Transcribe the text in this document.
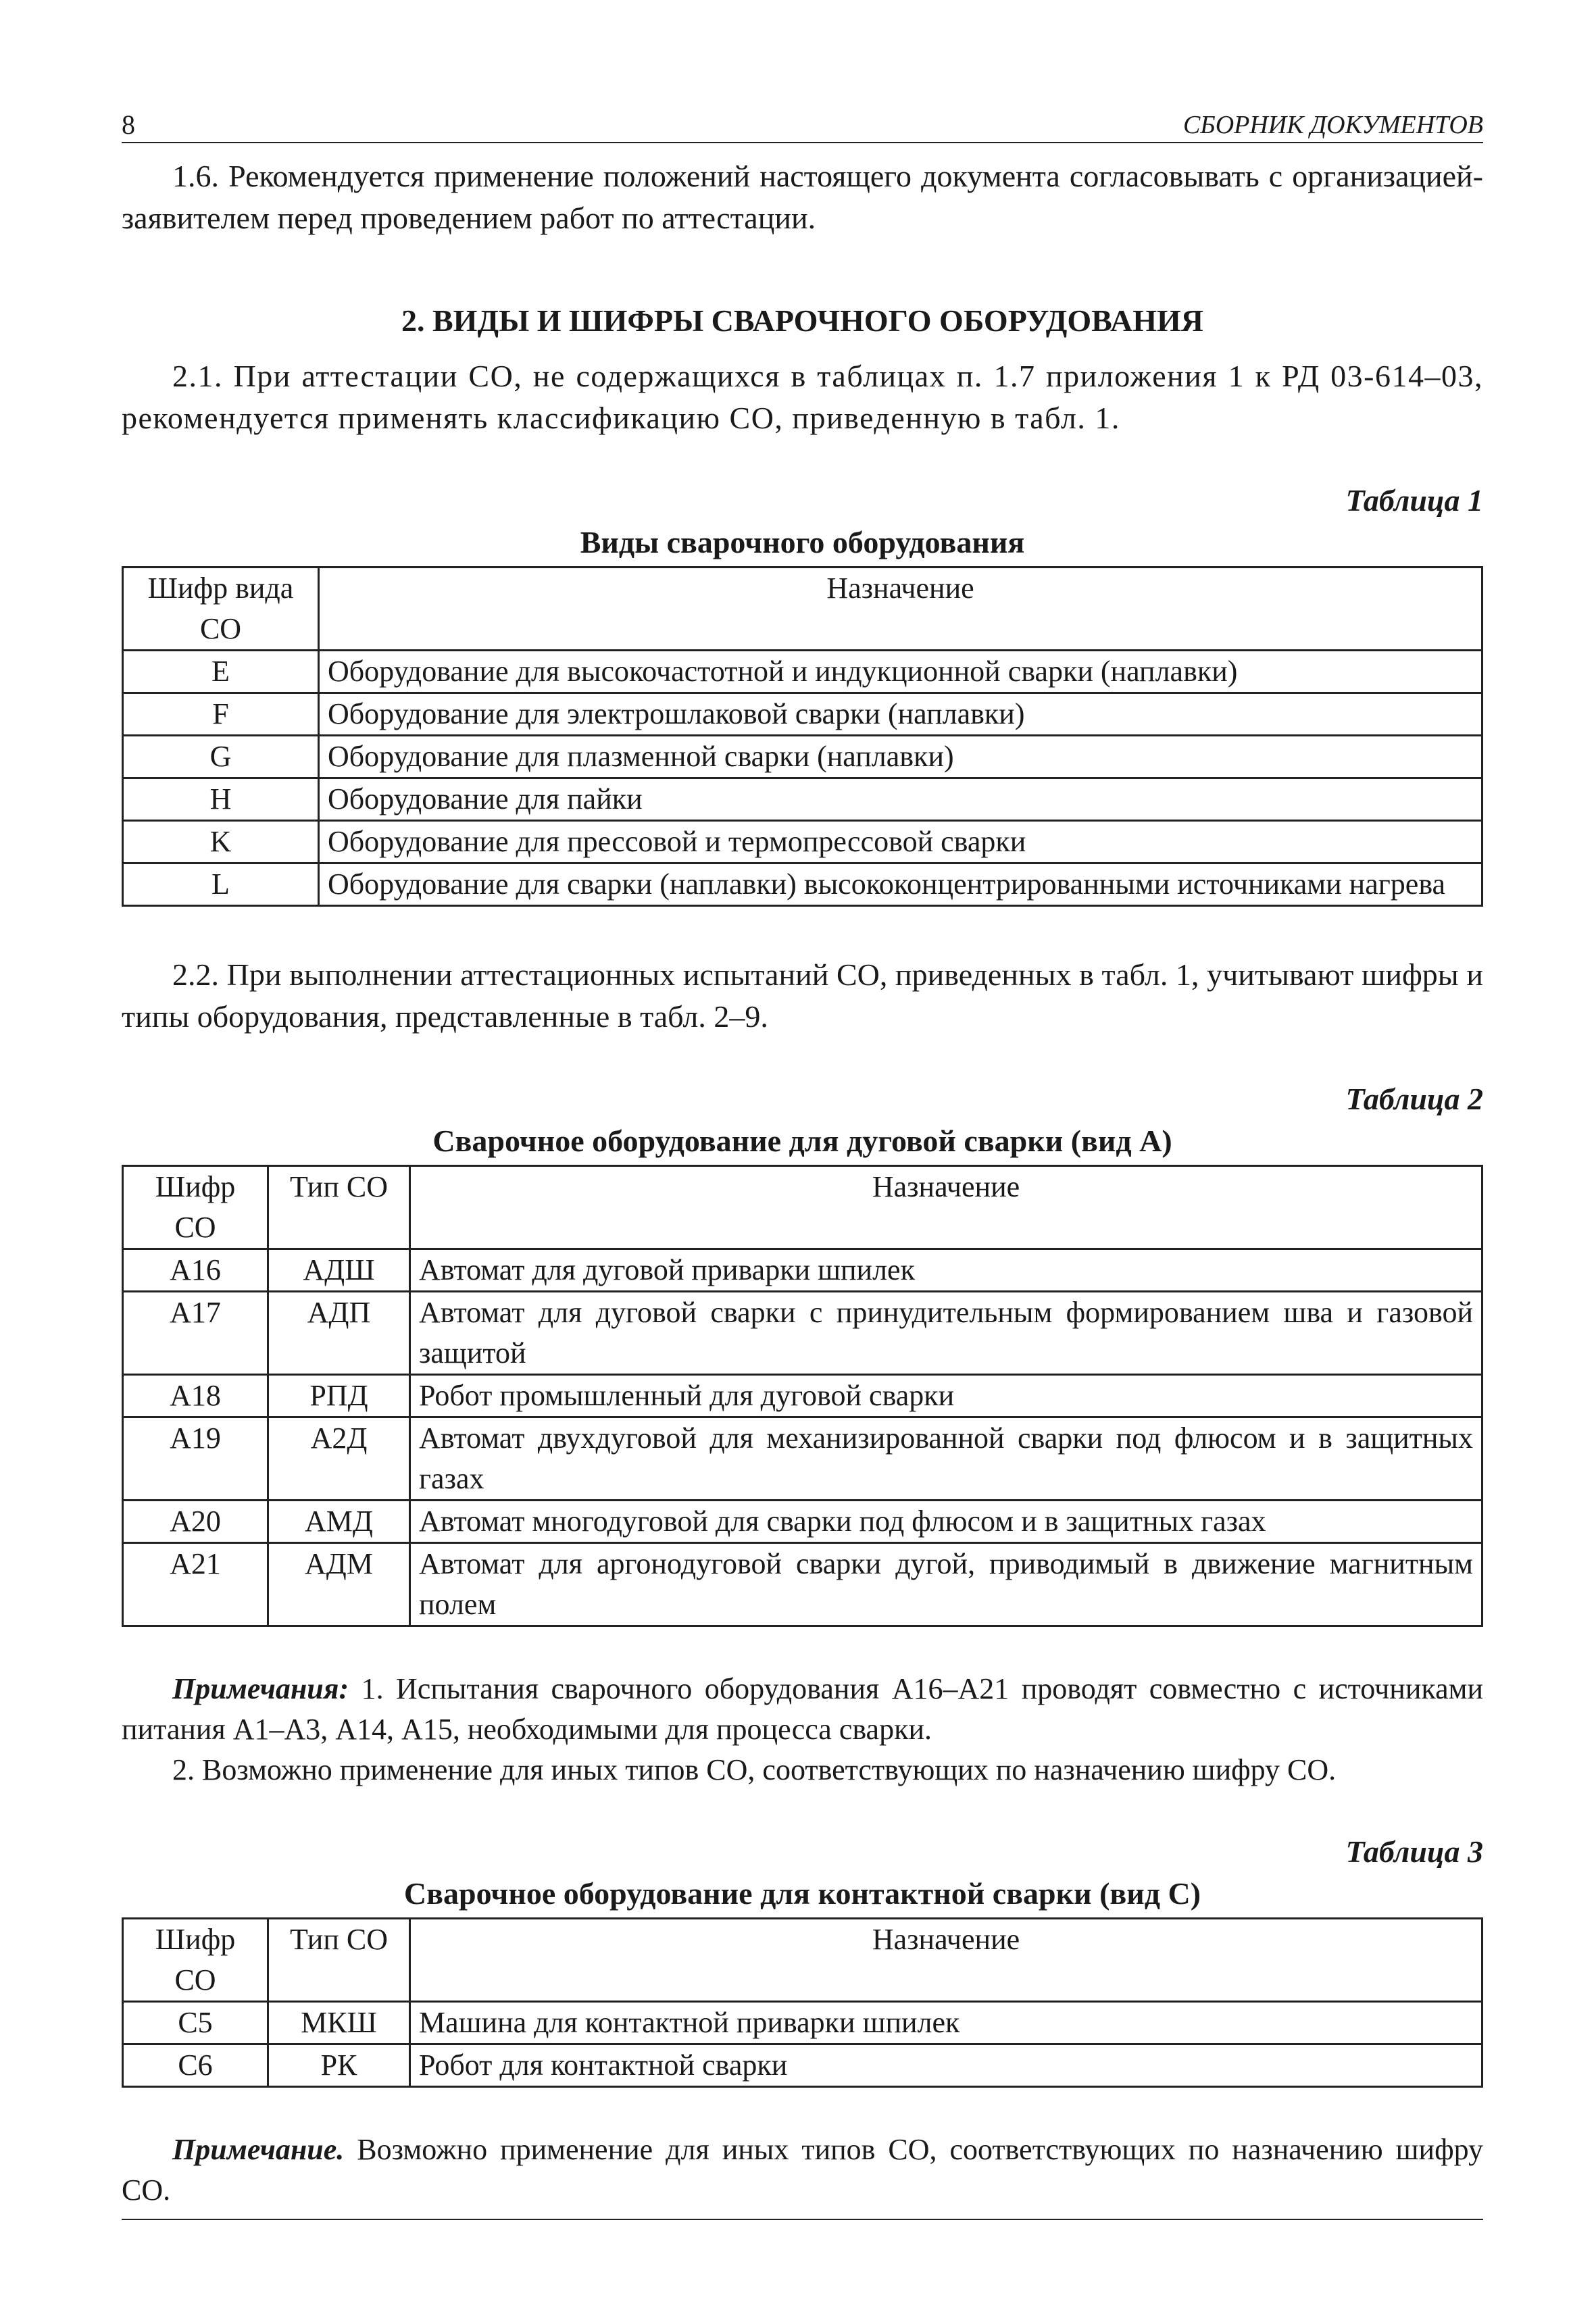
8	СБОРНИК ДОКУМЕНТОВ

1.6. Рекомендуется применение положений настоящего документа согласовывать с организацией-заявителем перед проведением работ по аттестации.

2. ВИДЫ И ШИФРЫ СВАРОЧНОГО ОБОРУДОВАНИЯ

2.1. При аттестации СО, не содержащихся в таблицах п. 1.7 приложения 1 к РД 03-614–03, рекомендуется применять классификацию СО, приведенную в табл. 1.

Таблица 1
Виды сварочного оборудования
Шифр вида СО	Назначение
E	Оборудование для высокочастотной и индукционной сварки (наплавки)
F	Оборудование для электрошлаковой сварки (наплавки)
G	Оборудование для плазменной сварки (наплавки)
H	Оборудование для пайки
K	Оборудование для прессовой и термопрессовой сварки
L	Оборудование для сварки (наплавки) высококонцентрированными источниками нагрева

2.2. При выполнении аттестационных испытаний СО, приведенных в табл. 1, учитывают шифры и типы оборудования, представленные в табл. 2–9.

Таблица 2
Сварочное оборудование для дуговой сварки (вид А)
Шифр СО	Тип СО	Назначение
А16	АДШ	Автомат для дуговой приварки шпилек
А17	АДП	Автомат для дуговой сварки с принудительным формированием шва и газовой защитой
А18	РПД	Робот промышленный для дуговой сварки
А19	А2Д	Автомат двухдуговой для механизированной сварки под флюсом и в защитных газах
А20	АМД	Автомат многодуговой для сварки под флюсом и в защитных газах
А21	АДМ	Автомат для аргонодуговой сварки дугой, приводимый в движение магнитным полем

Примечания: 1. Испытания сварочного оборудования А16–А21 проводят совместно с источниками питания А1–А3, А14, А15, необходимыми для процесса сварки.

2. Возможно применение для иных типов СО, соответствующих по назначению шифру СО.

Таблица 3
Сварочное оборудование для контактной сварки (вид С)
Шифр СО	Тип СО	Назначение
С5	МКШ	Машина для контактной приварки шпилек
С6	РК	Робот для контактной сварки

Примечание. Возможно применение для иных типов СО, соответствующих по назначению шифру СО.
